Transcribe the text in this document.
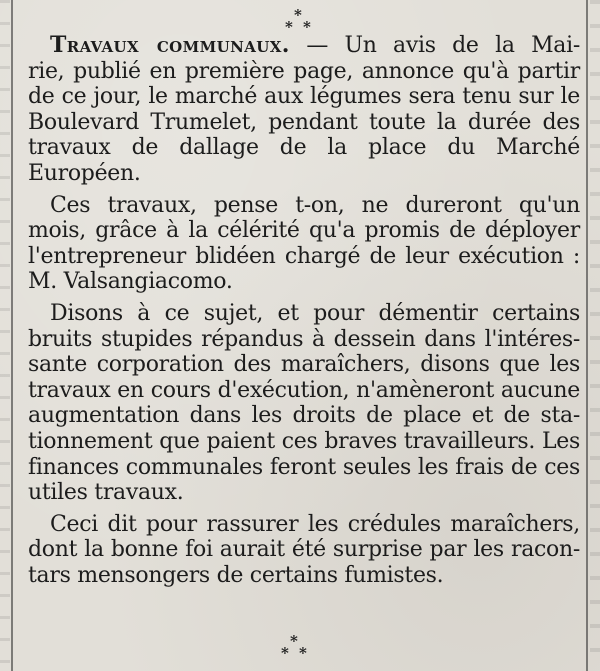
*
* *
Travaux communaux. — Un avis de la Mai-
rie, publié en première page, annonce qu'à partir
de ce jour, le marché aux légumes sera tenu sur le
Boulevard Trumelet, pendant toute la durée des
travaux de dallage de la place du Marché
Européen.
Ces travaux, pense t-on, ne dureront qu'un
mois, grâce à la célérité qu'a promis de déployer
l'entrepreneur blidéen chargé de leur exécution :
M. Valsangiacomo.
Disons à ce sujet, et pour démentir certains
bruits stupides répandus à dessein dans l'intéres-
sante corporation des maraîchers, disons que les
travaux en cours d'exécution, n'amèneront aucune
augmentation dans les droits de place et de sta-
tionnement que paient ces braves travailleurs. Les
finances communales feront seules les frais de ces
utiles travaux.
Ceci dit pour rassurer les crédules maraîchers,
dont la bonne foi aurait été surprise par les racon-
tars mensongers de certains fumistes.
*
* *
